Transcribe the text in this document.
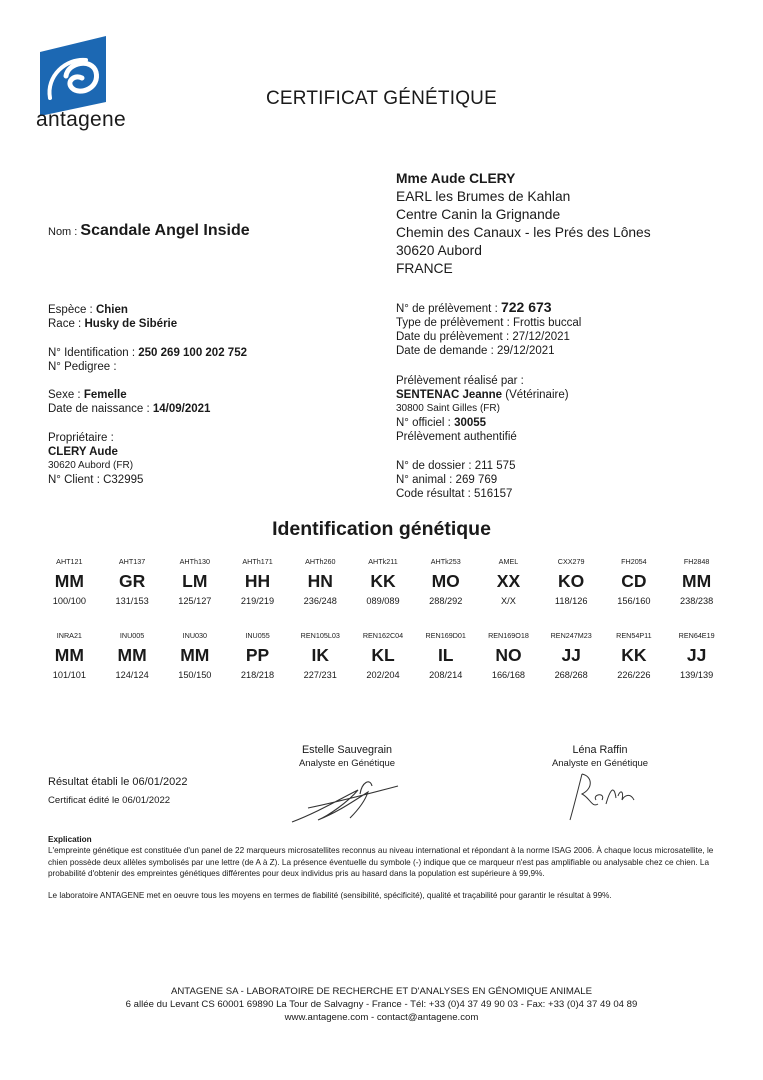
antagene
CERTIFICAT GÉNÉTIQUE
Mme Aude CLERY
EARL les Brumes de Kahlan
Centre Canin la Grignande
Chemin des Canaux - les Prés des Lônes
30620 Aubord
FRANCE
Nom : Scandale Angel Inside
Espèce : Chien
Race : Husky de Sibérie
N° Identification : 250 269 100 202 752
N° Pedigree :
Sexe : Femelle
Date de naissance : 14/09/2021
Propriétaire :
CLERY Aude
30620 Aubord (FR)
N° Client : C32995
N° de prélèvement : 722 673
Type de prélèvement : Frottis buccal
Date du prélèvement : 27/12/2021
Date de demande : 29/12/2021
Prélèvement réalisé par :
SENTENAC Jeanne (Vétérinaire)
30800 Saint Gilles (FR)
N° officiel : 30055
Prélèvement authentifié
N° de dossier : 211 575
N° animal : 269 769
Code résultat : 516157
Identification génétique
AHT121
MM
100/100
AHT137
GR
131/153
AHTh130
LM
125/127
AHTh171
HH
219/219
AHTh260
HN
236/248
AHTk211
KK
089/089
AHTk253
MO
288/292
AMEL
XX
X/X
CXX279
KO
118/126
FH2054
CD
156/160
FH2848
MM
238/238
INRA21
MM
101/101
INU005
MM
124/124
INU030
MM
150/150
INU055
PP
218/218
REN105L03
IK
227/231
REN162C04
KL
202/204
REN169D01
IL
208/214
REN169O18
NO
166/168
REN247M23
JJ
268/268
REN54P11
KK
226/226
REN64E19
JJ
139/139
Estelle Sauvegrain
Analyste en Génétique
Léna Raffin
Analyste en Génétique
Résultat établi le 06/01/2022
Certificat édité le 06/01/2022
Explication
L'empreinte génétique est constituée d'un panel de 22 marqueurs microsatellites reconnus au niveau international et répondant à la norme ISAG 2006. À chaque locus microsatellite, le chien possède deux allèles symbolisés par une lettre (de A à Z). La présence éventuelle du symbole (-) indique que ce marqueur n'est pas amplifiable ou analysable chez ce chien. La probabilité d'obtenir des empreintes génétiques différentes pour deux individus pris au hasard dans la population est supérieure à 99,9%.
Le laboratoire ANTAGENE met en oeuvre tous les moyens en termes de fiabilité (sensibilité, spécificité), qualité et traçabilité pour garantir le résultat à 99%.
ANTAGENE SA - LABORATOIRE DE RECHERCHE ET D'ANALYSES EN GÉNOMIQUE ANIMALE
6 allée du Levant CS 60001 69890 La Tour de Salvagny - France - Tél: +33 (0)4 37 49 90 03 - Fax: +33 (0)4 37 49 04 89
www.antagene.com - contact@antagene.com
